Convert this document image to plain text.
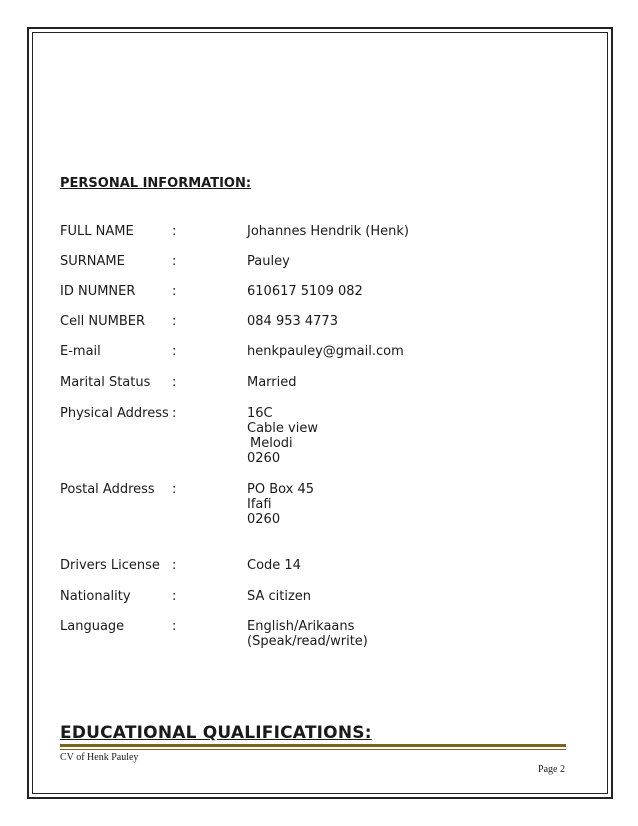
PERSONAL INFORMATION:
FULL NAME	:	Johannes Hendrik (Henk)
SURNAME	:	Pauley
ID NUMNER	:	610617 5109 082
Cell NUMBER :	084 953 4773
E-mail	:	henkpauley@gmail.com
Marital Status :	Married
Physical Address :	16C
Cable view
Melodi
0260
Postal Address :	PO Box 45
Ifafi
0260
Drivers License :	Code 14
Nationality	:	SA citizen
Language	:	English/Arikaans
(Speak/read/write)
EDUCATIONAL QUALIFICATIONS:
CV of Henk Pauley
Page 2
